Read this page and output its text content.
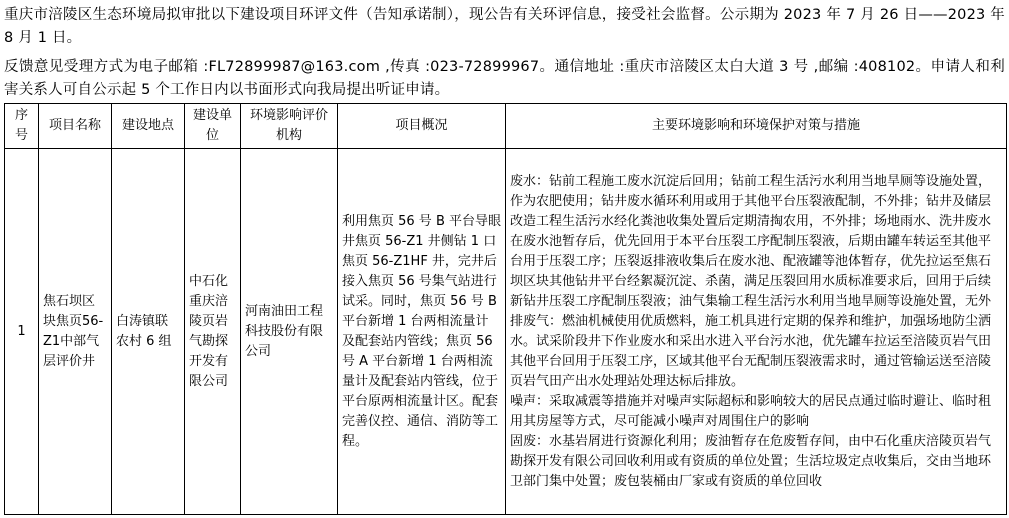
重庆市涪陵区生态环境局拟审批以下建设项目环评文件（告知承诺制），现公告有关环评信息，接受社会监督。公示期为 2023 年 7 月 26 日——2023 年 8 月 1 日。
反馈意见受理方式为电子邮箱 :FL72899987@163.com ,传真 :023-72899967。通信地址 :重庆市涪陵区太白大道 3 号 ,邮编 :408102。申请人和利害关系人可自公示起 5 个工作日内以书面形式向我局提出听证申请。
序号	项目名称	建设地点	建设单位	环境影响评价机构	项目概况	主要环境影响和环境保护对策与措施
1	焦石坝区块焦页56-Z1中部气层评价井	白涛镇联农村 6 组	中石化重庆涪陵页岩气勘探开发有限公司	河南油田工程科技股份有限公司	利用焦页 56 号 B 平台导眼井焦页 56-Z1 井侧钻 1 口焦页 56-Z1HF 井，完井后接入焦页 56 号集气站进行试采。同时，焦页 56 号 B 平台新增 1 台两相流量计及配套站内管线；焦页 56 号 A 平台新增 1 台两相流量计及配套站内管线，位于平台原两相流量计区。配套完善仪控、通信、消防等工程。	废水：钻前工程施工废水沉淀后回用；钻前工程生活污水利用当地旱厕等设施处置，作为农肥使用；钻井废水循环利用或用于其他平台压裂液配制，不外排；钻井及储层改造工程生活污水经化粪池收集处置后定期清掏农用，不外排；场地雨水、洗井废水在废水池暂存后，优先回用于本平台压裂工序配制压裂液，后期由罐车转运至其他平台用于压裂工序；压裂返排液收集后在废水池、配液罐等池体暂存，优先拉运至焦石坝区块其他钻井平台经絮凝沉淀、杀菌，满足压裂回用水质标准要求后，回用于后续新钻井压裂工序配制压裂液；油气集输工程生活污水利用当地旱厕等设施处置，无外排废气：燃油机械使用优质燃料，施工机具进行定期的保养和维护，加强场地防尘洒水。试采阶段井下作业废水和采出水进入平台污水池，优先罐车拉运至涪陵页岩气田其他平台回用于压裂工序，区域其他平台无配制压裂液需求时，通过管输运送至涪陵页岩气田产出水处理站处理达标后排放。
噪声：采取减震等措施并对噪声实际超标和影响较大的居民点通过临时避让、临时租用其房屋等方式，尽可能减小噪声对周围住户的影响
固废：水基岩屑进行资源化利用；废油暂存在危废暂存间，由中石化重庆涪陵页岩气勘探开发有限公司回收利用或有资质的单位处置；生活垃圾定点收集后，交由当地环卫部门集中处置；废包装桶由厂家或有资质的单位回收
